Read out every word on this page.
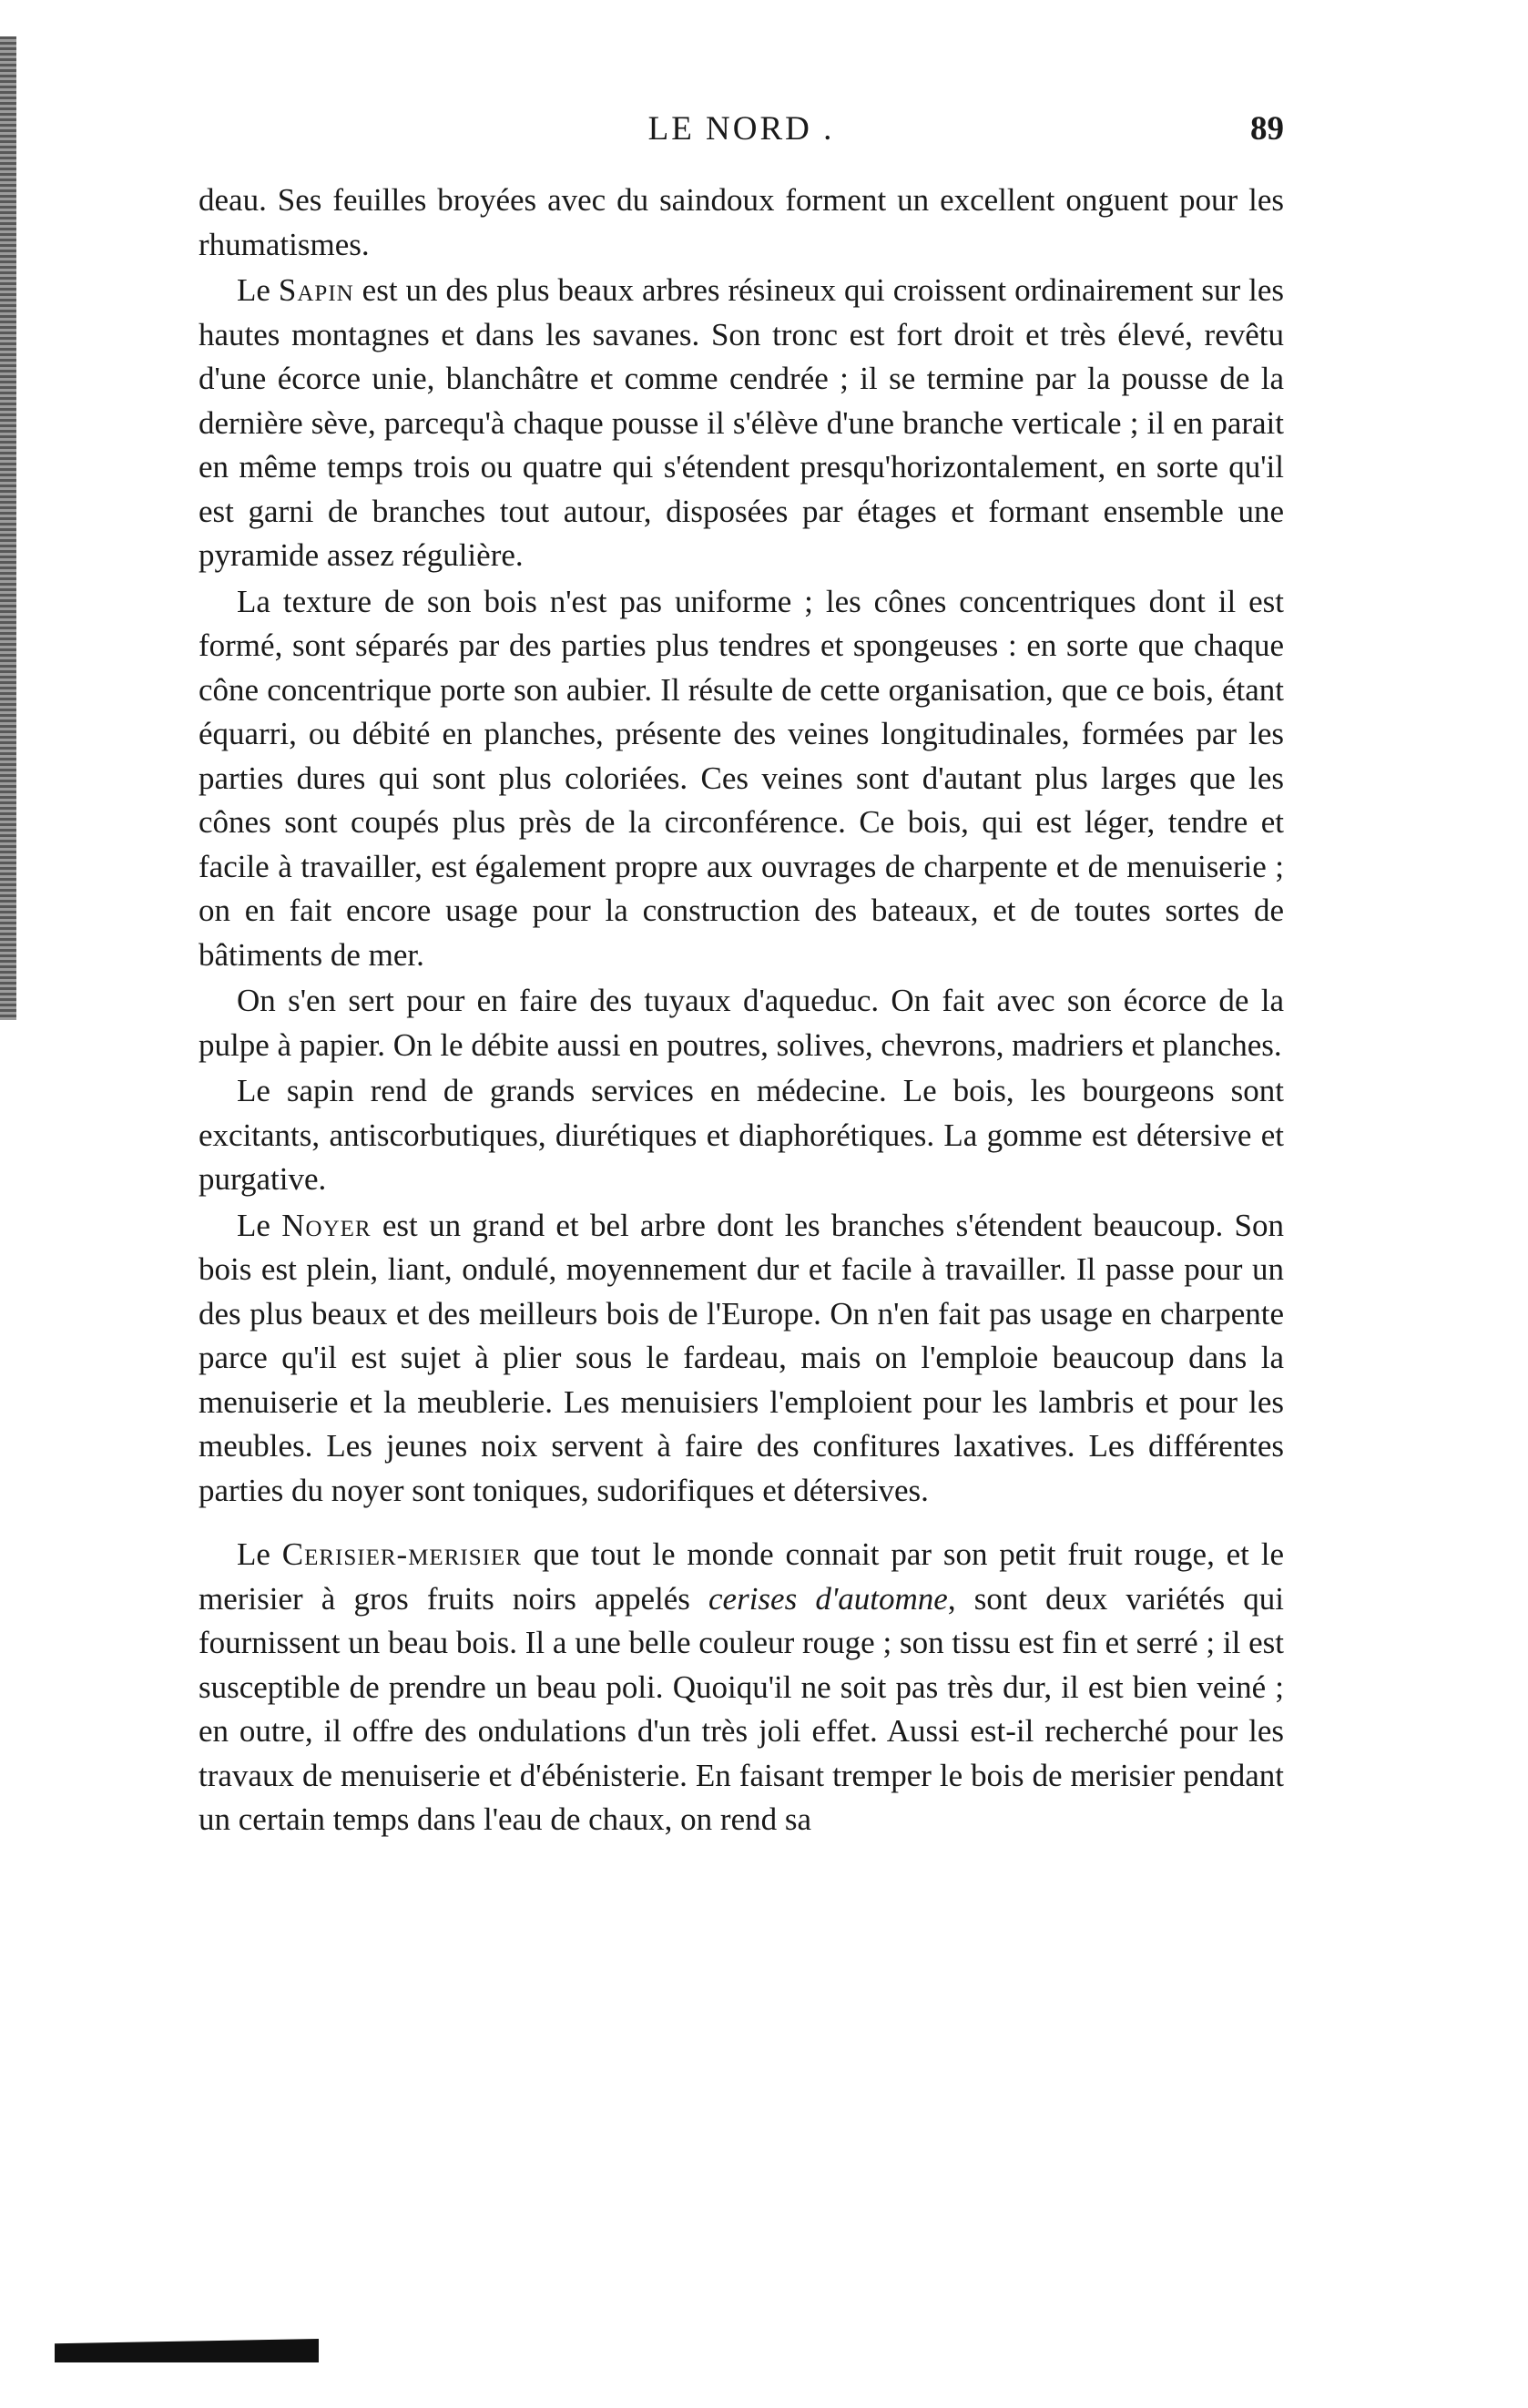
LE NORD .	89

deau. Ses feuilles broyées avec du saindoux forment un excellent onguent pour les rhumatismes.

Le Sapin est un des plus beaux arbres résineux qui croissent ordinairement sur les hautes montagnes et dans les savanes. Son tronc est fort droit et très élevé, revêtu d'une écorce unie, blanchâtre et comme cendrée ; il se termine par la pousse de la dernière sève, parcequ'à chaque pousse il s'élève d'une branche verticale ; il en parait en même temps trois ou quatre qui s'étendent presqu'horizontalement, en sorte qu'il est garni de branches tout autour, disposées par étages et formant ensemble une pyramide assez régulière.

La texture de son bois n'est pas uniforme ; les cônes concentriques dont il est formé, sont séparés par des parties plus tendres et spongeuses : en sorte que chaque cône concentrique porte son aubier. Il résulte de cette organisation, que ce bois, étant équarri, ou débité en planches, présente des veines longitudinales, formées par les parties dures qui sont plus coloriées. Ces veines sont d'autant plus larges que les cônes sont coupés plus près de la circonférence. Ce bois, qui est léger, tendre et facile à travailler, est également propre aux ouvrages de charpente et de menuiserie ; on en fait encore usage pour la construction des bateaux, et de toutes sortes de bâtiments de mer.

On s'en sert pour en faire des tuyaux d'aqueduc. On fait avec son écorce de la pulpe à papier. On le débite aussi en poutres, solives, chevrons, madriers et planches.

Le sapin rend de grands services en médecine. Le bois, les bourgeons sont excitants, antiscorbutiques, diurétiques et diaphorétiques. La gomme est détersive et purgative.

Le Noyer est un grand et bel arbre dont les branches s'étendent beaucoup. Son bois est plein, liant, ondulé, moyennement dur et facile à travailler. Il passe pour un des plus beaux et des meilleurs bois de l'Europe. On n'en fait pas usage en charpente parce qu'il est sujet à plier sous le fardeau, mais on l'emploie beaucoup dans la menuiserie et la meublerie. Les menuisiers l'emploient pour les lambris et pour les meubles. Les jeunes noix servent à faire des confitures laxatives. Les différentes parties du noyer sont toniques, sudorifiques et détersives.

Le Cerisier-merisier que tout le monde connait par son petit fruit rouge, et le merisier à gros fruits noirs appelés cerises d'automne, sont deux variétés qui fournissent un beau bois. Il a une belle couleur rouge ; son tissu est fin et serré ; il est susceptible de prendre un beau poli. Quoiqu'il ne soit pas très dur, il est bien veiné ; en outre, il offre des ondulations d'un très joli effet. Aussi est-il recherché pour les travaux de menuiserie et d'ébénisterie. En faisant tremper le bois de merisier pendant un certain temps dans l'eau de chaux, on rend sa
